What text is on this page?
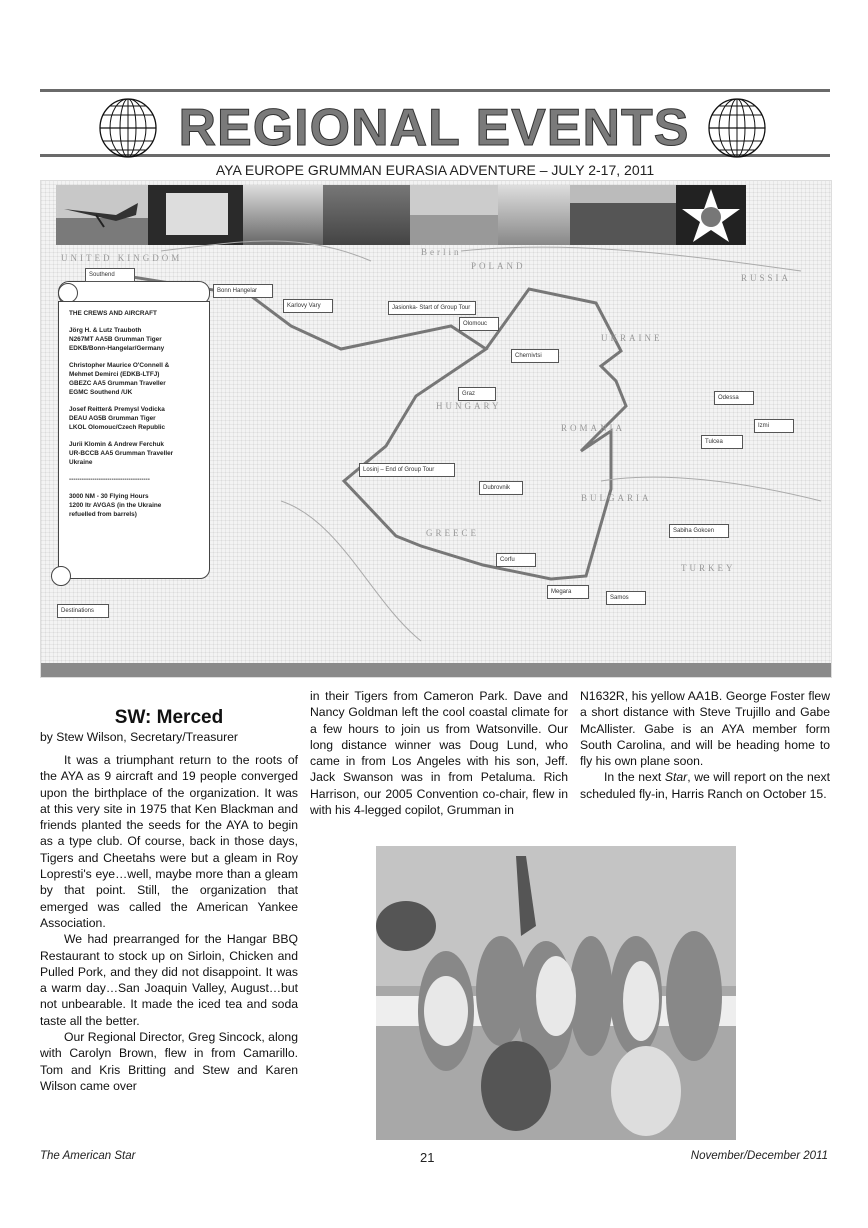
REGIONAL EVENTS
AYA EUROPE GRUMMAN EURASIA ADVENTURE – JULY 2-17, 2011
UNITED KINGDOM
Berlin
POLAND
UKRAINE
RUSSIA
HUNGARY
ROMANIA
BULGARIA
GREECE
TURKEY
THE CREWS AND AIRCRAFT

Jörg H. & Lutz Trauboth
N267MT AA5B Grumman Tiger
EDKB/Bonn-Hangelar/Germany

Christopher Maurice O'Connell &
Mehmet Demirci (EDKB-LTFJ)
GBEZC AA5 Grumman Traveller
EGMC Southend /UK

Josef Reitter& Premysl Vodicka
DEAU AG5B Grumman Tiger
LKOL Olomouc/Czech Republic

Jurii Klomin & Andrew Ferchuk
UR-BCCB AA5 Grumman Traveller
Ukraine

--------------------------------------

3000 NM - 30 Flying Hours
1200 ltr AVGAS (in the Ukraine
refuelled from barrels)

Southend
Bonn Hangelar
Karlovy Vary	Jasionka- Start of Group Tour
Olomouc
Chernivtsi
Graz
Odessa
Izmi
Tulcea
Losinj – End of Group Tour
Dubrovnik
Sabiha Gokcen
Corfu
Megara
Samos
Destinations
SW: Merced
by Stew Wilson, Secretary/Treasurer

It was a triumphant return to the roots of the AYA as 9 aircraft and 19 people converged upon the birthplace of the organization. It was at this very site in 1975 that Ken Blackman and friends planted the seeds for the AYA to begin as a type club. Of course, back in those days, Tigers and Cheetahs were but a gleam in Roy Lopresti's eye…well, maybe more than a gleam by that point. Still, the organization that emerged was called the American Yankee Association.

We had prearranged for the Hangar BBQ Restaurant to stock up on Sirloin, Chicken and Pulled Pork, and they did not disappoint. It was a warm day…San Joaquin Valley, August…but not unbearable. It made the iced tea and soda taste all the better.

Our Regional Director, Greg Sincock, along with Carolyn Brown, flew in from Camarillo. Tom and Kris Britting and Stew and Karen Wilson came over

in their Tigers from Cameron Park. Dave and Nancy Goldman left the cool coastal climate for a few hours to join us from Watsonville. Our long distance winner was Doug Lund, who came in from Los Angeles with his son, Jeff. Jack Swanson was in from Petaluma. Rich Harrison, our 2005 Convention co-chair, flew in with his 4-legged copilot, Grumman in

N1632R, his yellow AA1B. George Foster flew a short distance with Steve Trujillo and Gabe McAllister. Gabe is an AYA member form South Carolina, and will be heading home to fly his own plane soon.

In the next Star, we will report on the next scheduled fly-in, Harris Ranch on October 15.

The American Star	21	November/December 2011
